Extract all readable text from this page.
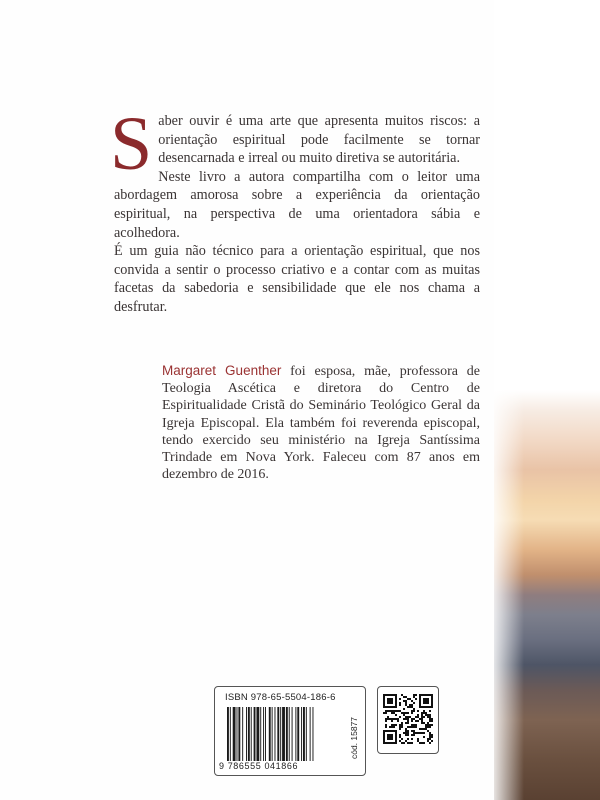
Saber ouvir é uma arte que apresenta muitos riscos: a orientação espiritual pode facilmente se tornar desencarnada e irreal ou muito diretiva se autoritária.

Neste livro a autora compartilha com o leitor uma abordagem amorosa sobre a experiência da orientação espiritual, na perspectiva de uma orientadora sábia e acolhedora.

É um guia não técnico para a orientação espiritual, que nos convida a sentir o processo criativo e a contar com as muitas facetas da sabedoria e sensibilidade que ele nos chama a desfrutar.

Margaret Guenther foi esposa, mãe, professora de Teologia Ascética e diretora do Centro de Espiritualidade Cristã do Seminário Teológico Geral da Igreja Episcopal. Ela também foi reverenda episcopal, tendo exercido seu ministério na Igreja Santíssima Trindade em Nova York. Faleceu com 87 anos em dezembro de 2016.
ISBN 978-65-5504-186-6
9 786555 041866
cód. 15877
